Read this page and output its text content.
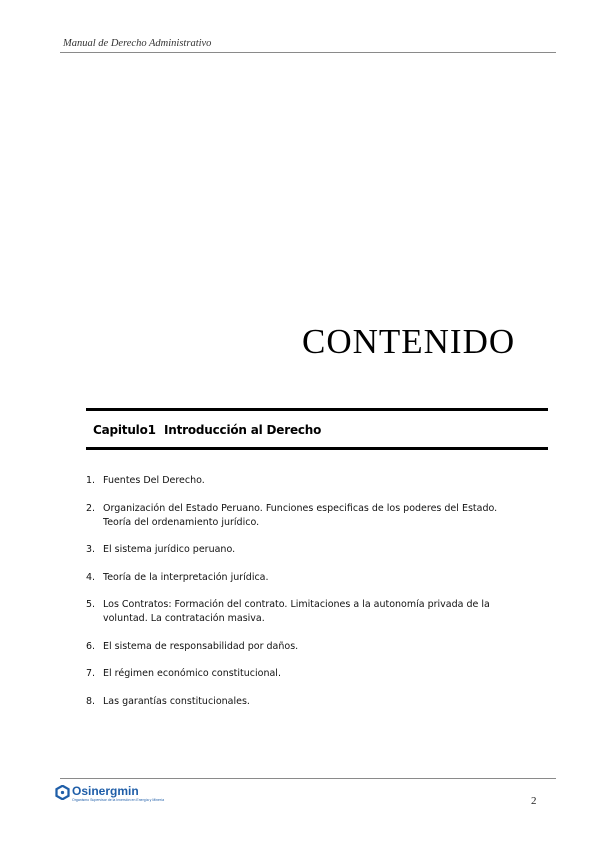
Manual de Derecho Administrativo
CONTENIDO
Capitulo1 Introducción al Derecho
1. Fuentes Del Derecho.
2. Organización del Estado Peruano. Funciones especificas de los poderes del Estado. Teoría del ordenamiento jurídico.
3. El sistema jurídico peruano.
4. Teoría de la interpretación jurídica.
5. Los Contratos: Formación del contrato. Limitaciones a la autonomía privada de la voluntad. La contratación masiva.
6. El sistema de responsabilidad por daños.
7. El régimen económico constitucional.
8. Las garantías constitucionales.
Osinergmin
Organismo Supervisor de la Inversión en Energía y Minería	2
